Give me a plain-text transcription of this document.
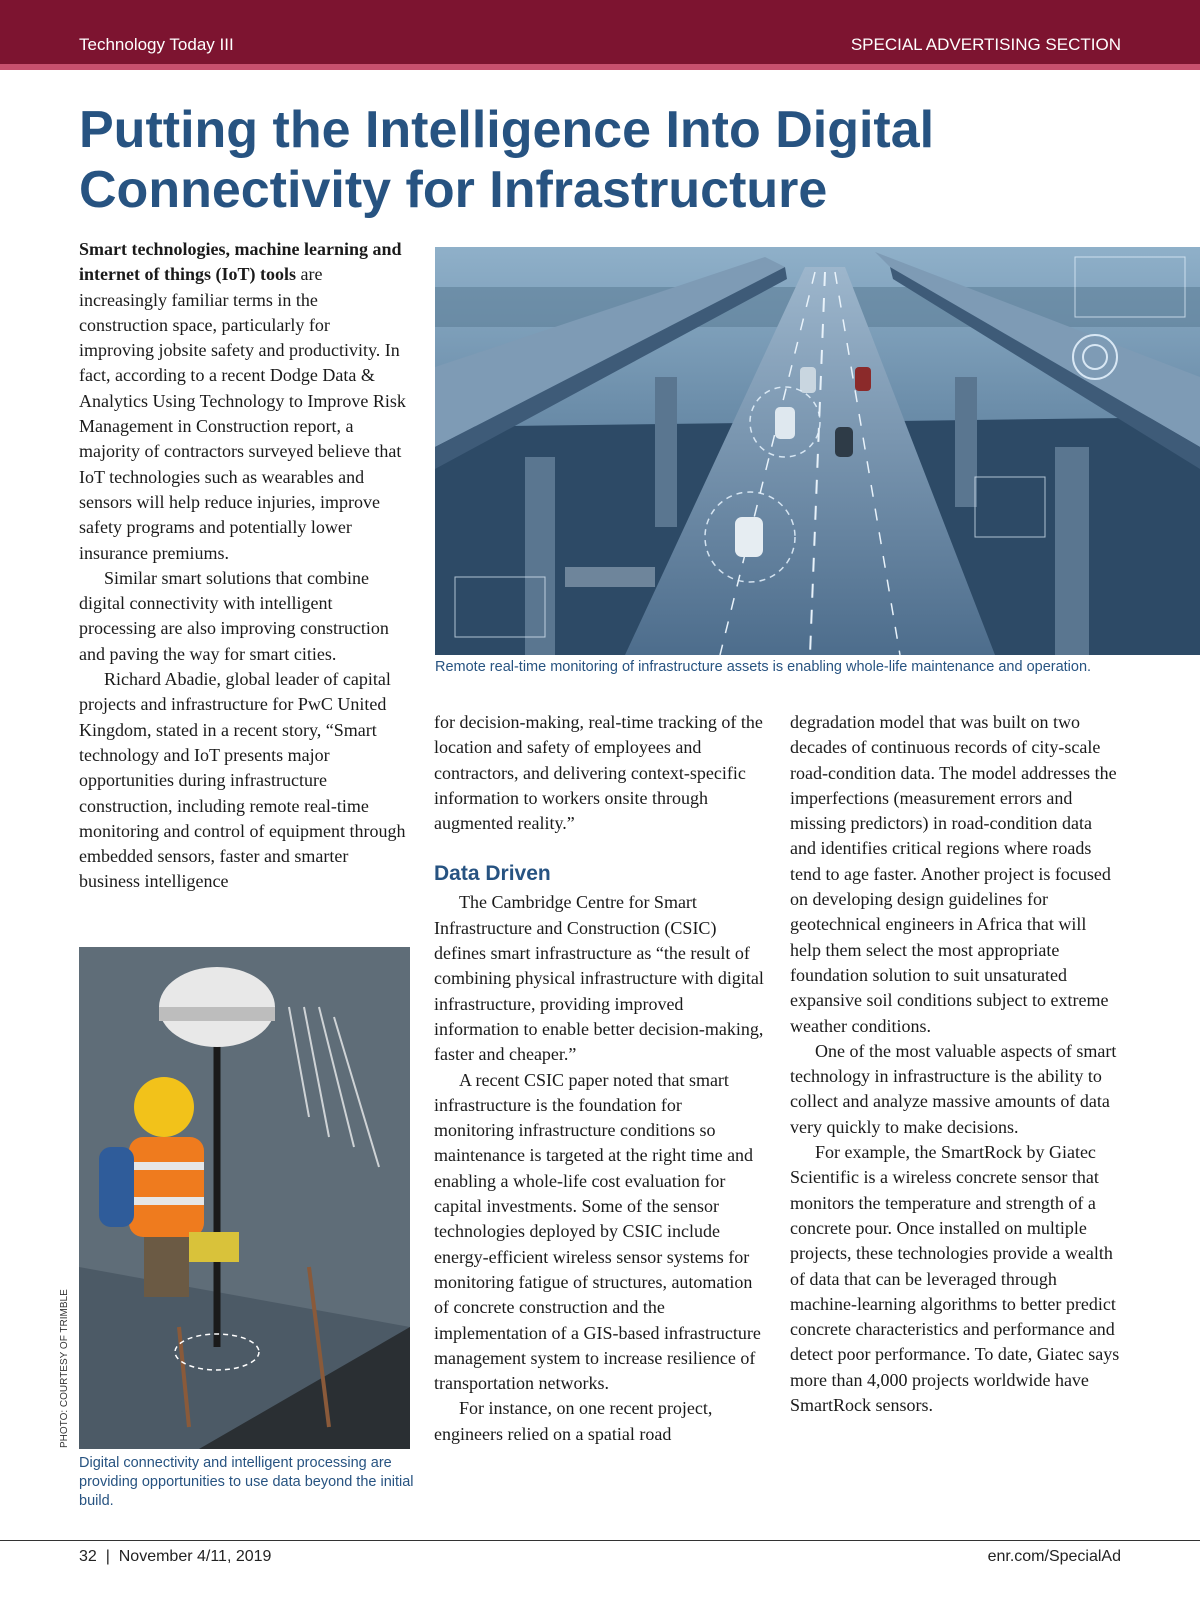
Technology Today III	SPECIAL ADVERTISING SECTION
Putting the Intelligence Into Digital Connectivity for Infrastructure

Smart technologies, machine learning and internet of things (IoT) tools are increasingly familiar terms in the construction space, particularly for improving jobsite safety and productivity. In fact, according to a recent Dodge Data & Analytics Using Technology to Improve Risk Management in Construction report, a majority of contractors surveyed believe that IoT technologies such as wearables and sensors will help reduce injuries, improve safety programs and potentially lower insurance premiums.

Similar smart solutions that combine digital connectivity with intelligent processing are also improving construction and paving the way for smart cities.

Richard Abadie, global leader of capital projects and infrastructure for PwC United Kingdom, stated in a recent story, “Smart technology and IoT presents major opportunities during infrastructure construction, including remote real-time monitoring and control of equipment through embedded sensors, faster and smarter business intelligence

Remote real-time monitoring of infrastructure assets is enabling whole-life maintenance and operation.

Digital connectivity and intelligent processing are providing opportunities to use data beyond the initial build.

PHOTO: COURTESY OF TRIMBLE

for decision-making, real-time tracking of the location and safety of employees and contractors, and delivering context-specific information to workers onsite through augmented reality.”

Data Driven

The Cambridge Centre for Smart Infrastructure and Construction (CSIC) defines smart infrastructure as “the result of combining physical infrastructure with digital infrastructure, providing improved information to enable better decision-making, faster and cheaper.”

A recent CSIC paper noted that smart infrastructure is the foundation for monitoring infrastructure conditions so maintenance is targeted at the right time and enabling a whole-life cost evaluation for capital investments. Some of the sensor technologies deployed by CSIC include energy-efficient wireless sensor systems for monitoring fatigue of structures, automation of concrete construction and the implementation of a GIS-based infrastructure management system to increase resilience of transportation networks.

For instance, on one recent project, engineers relied on a spatial road

degradation model that was built on two decades of continuous records of city-scale road-condition data. The model addresses the imperfections (measurement errors and missing predictors) in road-condition data and identifies critical regions where roads tend to age faster. Another project is focused on developing design guidelines for geotechnical engineers in Africa that will help them select the most appropriate foundation solution to suit unsaturated expansive soil conditions subject to extreme weather conditions.

One of the most valuable aspects of smart technology in infrastructure is the ability to collect and analyze massive amounts of data very quickly to make decisions.

For example, the SmartRock by Giatec Scientific is a wireless concrete sensor that monitors the temperature and strength of a concrete pour. Once installed on multiple projects, these technologies provide a wealth of data that can be leveraged through machine-learning algorithms to better predict concrete characteristics and performance and detect poor performance. To date, Giatec says more than 4,000 projects worldwide have SmartRock sensors.

32  |  November 4/11, 2019	enr.com/SpecialAd
